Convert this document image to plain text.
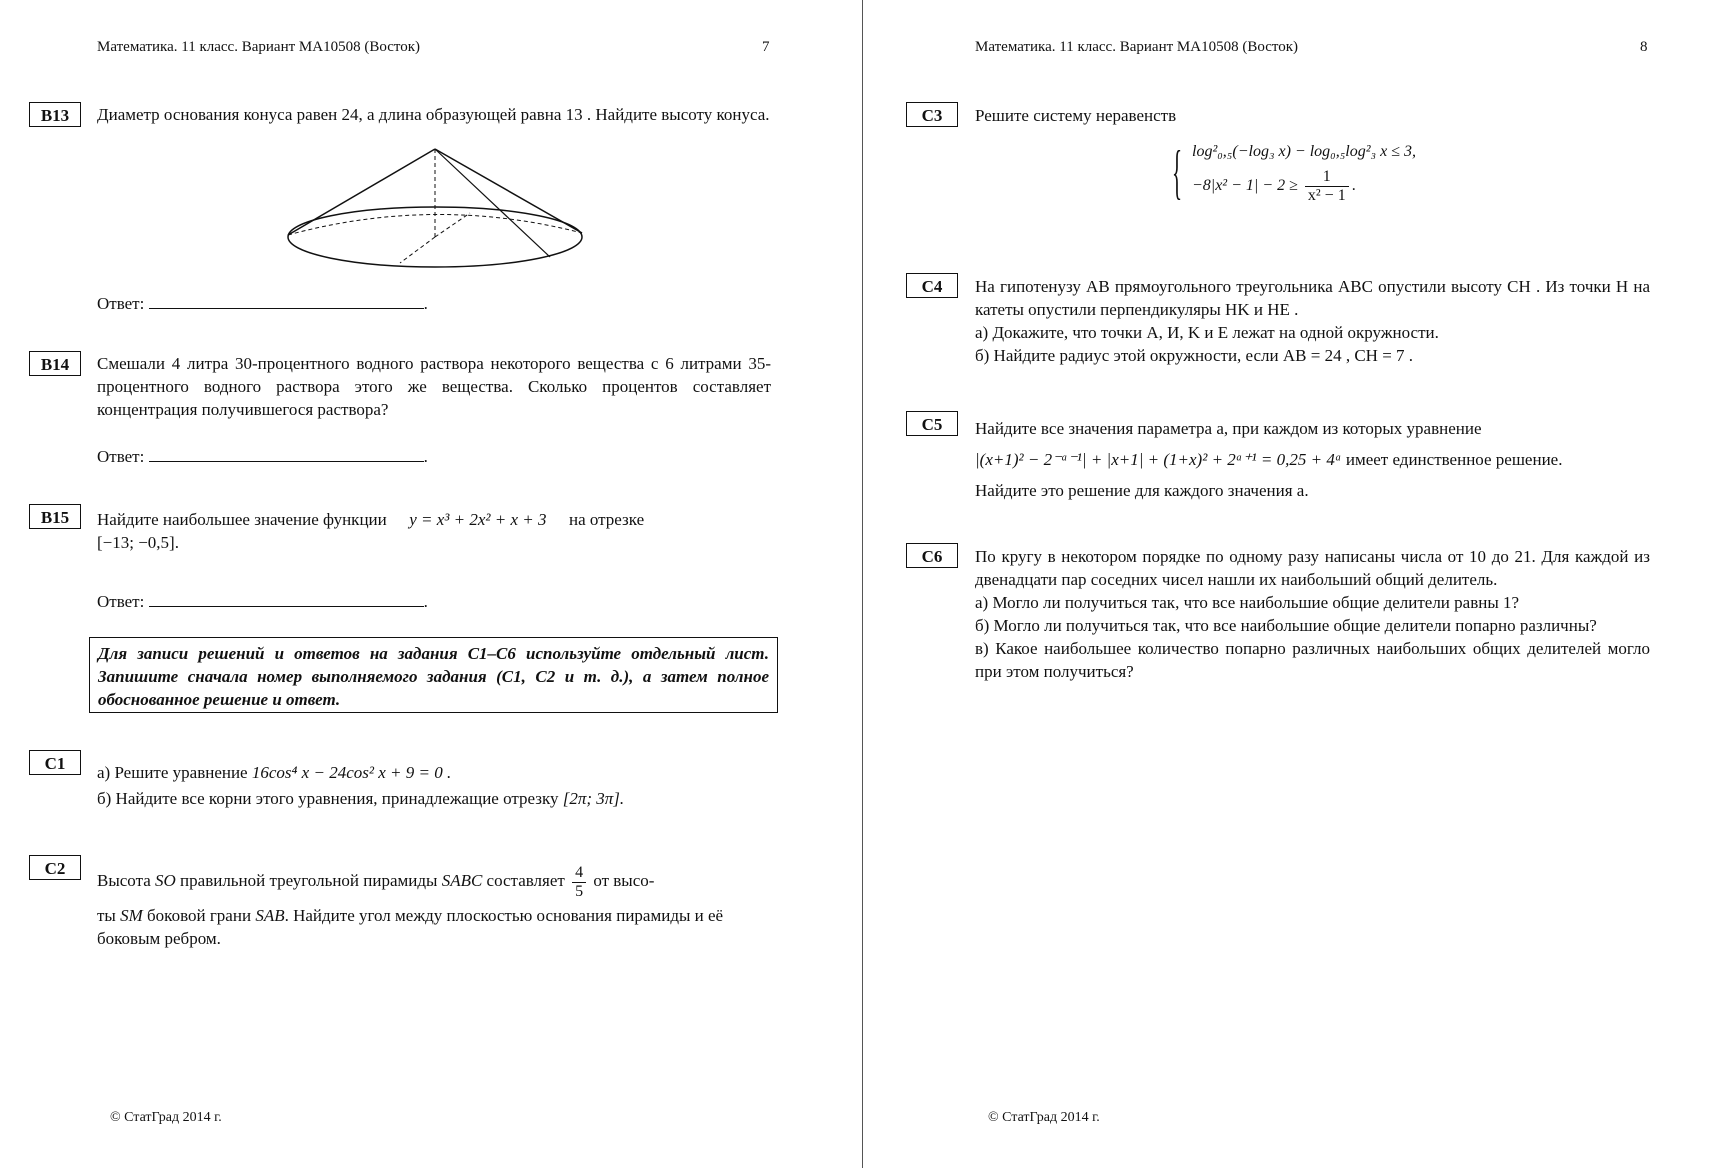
Математика. 11 класс. Вариант МА10508 (Восток)	7
B13	Диаметр основания конуса равен 24, а длина образующей равна 13 . Найдите высоту конуса.
Ответ:	.
B14	Смешали 4 литра 30-процентного водного раствора некоторого вещества с 6 литрами 35-процентного водного раствора этого же вещества. Сколько процентов составляет концентрация получившегося раствора?
Ответ:	.
B15	Найдите наибольшее значение функции y = x³ + 2x² + x + 3 на отрезке
[−13; −0,5].
Ответ:	.
Для записи решений и ответов на задания С1–С6 используйте отдельный лист. Запишите сначала номер выполняемого задания (С1, С2 и т. д.), а затем полное обоснованное решение и ответ.
C1	а) Решите уравнение 16cos⁴ x − 24cos² x + 9 = 0 .
б) Найдите все корни этого уравнения, принадлежащие отрезку [2π; 3π].
C2
Высота SO правильной треугольной пирамиды SABC составляет $\frac{4}{5}$ от высо-
ты SM боковой грани SAB. Найдите угол между плоскостью основания пирамиды и её боковым ребром.
© СтатГрад 2014 г.
Математика. 11 класс. Вариант МА10508 (Восток)	8
C3	Решите систему неравенств
C4	На гипотенузу AB прямоугольного треугольника ABC опустили высоту CH . Из точки H на катеты опустили перпендикуляры HK и HE .

а) Докажите, что точки A, И, K и E лежат на одной окружности.

б) Найдите радиус этой окружности, если AB = 24 , CH = 7 .

C5	Найдите все значения параметра a, при каждом из которых уравнение

|(x+1)² − 2⁻ᵃ⁻¹| + |x+1| + (1+x)² + 2ᵃ⁺¹ = 0,25 + 4ᵃ имеет единственное решение.

Найдите это решение для каждого значения a.

C6	По кругу в некотором порядке по одному разу написаны числа от 10 до 21. Для каждой из двенадцати пар соседних чисел нашли их наибольший общий делитель.

а) Могло ли получиться так, что все наибольшие общие делители равны 1?

б) Могло ли получиться так, что все наибольшие общие делители попарно различны?

в) Какое наибольшее количество попарно различных наибольших общих делителей могло при этом получиться?

© СтатГрад 2014 г.
{ log²₀,₅(−log₃ x) − log₀,₅log²₃ x ≤ 3,
$-8|x^2 - 1| - 2 \ge \frac{1}{\text{x² − 1}}$ .
